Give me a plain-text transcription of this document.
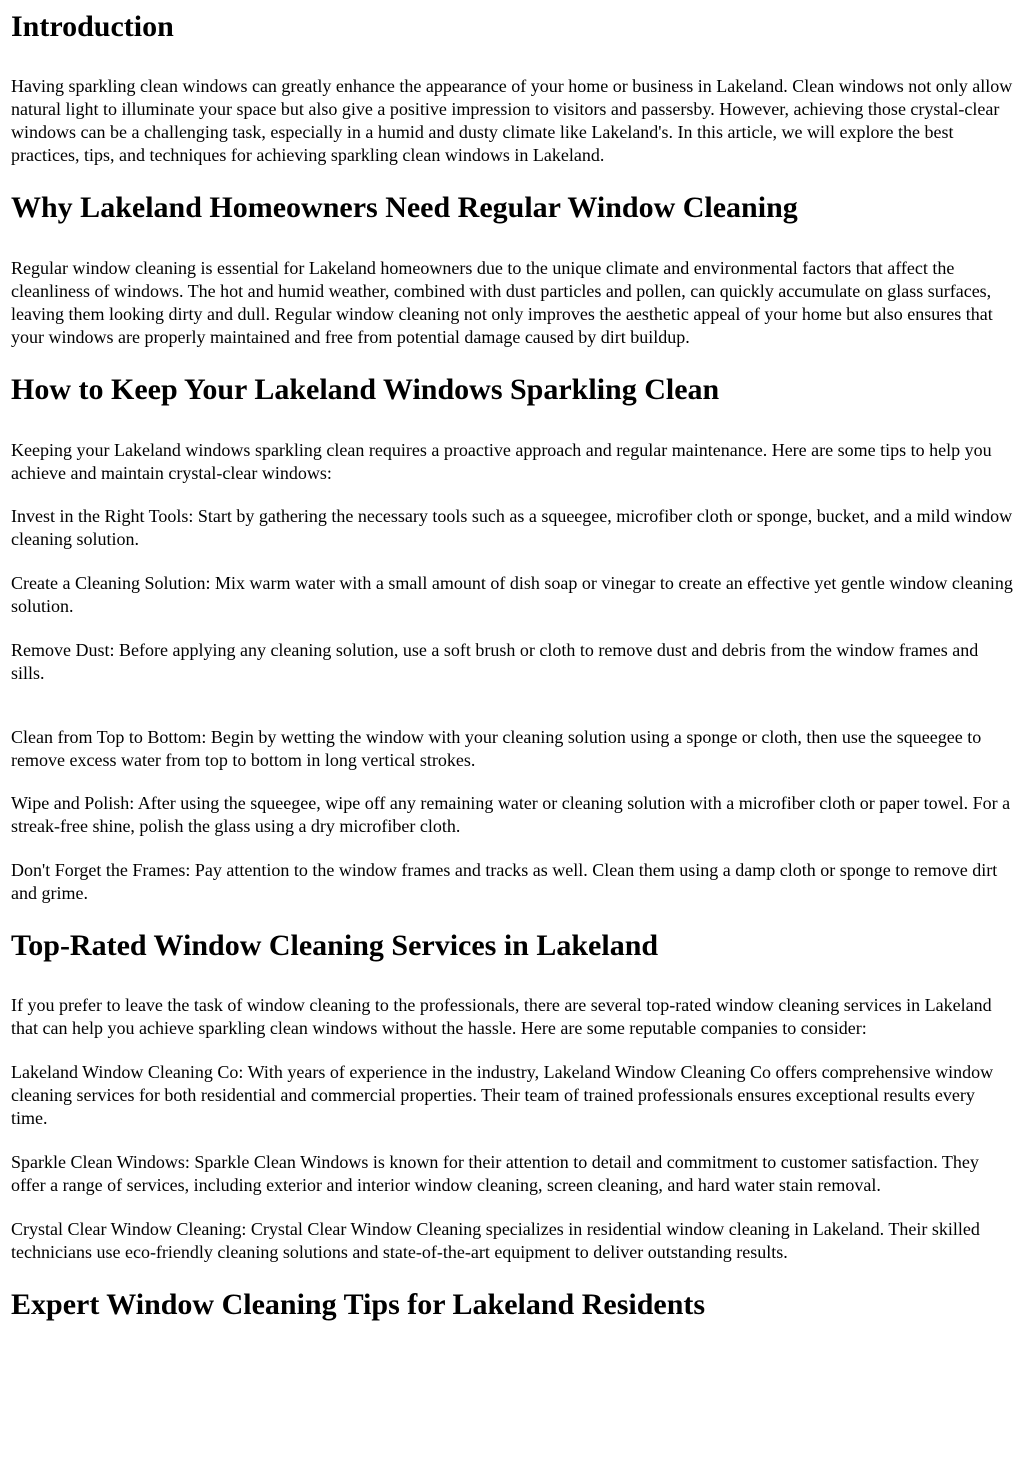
Introduction

Having sparkling clean windows can greatly enhance the appearance of your home or business in Lakeland. Clean windows not only allow natural light to illuminate your space but also give a positive impression to visitors and passersby. However, achieving those crystal-clear windows can be a challenging task, especially in a humid and dusty climate like Lakeland's. In this article, we will explore the best practices, tips, and techniques for achieving sparkling clean windows in Lakeland.

Why Lakeland Homeowners Need Regular Window Cleaning

Regular window cleaning is essential for Lakeland homeowners due to the unique climate and environmental factors that affect the cleanliness of windows. The hot and humid weather, combined with dust particles and pollen, can quickly accumulate on glass surfaces, leaving them looking dirty and dull. Regular window cleaning not only improves the aesthetic appeal of your home but also ensures that your windows are properly maintained and free from potential damage caused by dirt buildup.

How to Keep Your Lakeland Windows Sparkling Clean

Keeping your Lakeland windows sparkling clean requires a proactive approach and regular maintenance. Here are some tips to help you achieve and maintain crystal-clear windows:

Invest in the Right Tools: Start by gathering the necessary tools such as a squeegee, microfiber cloth or sponge, bucket, and a mild window cleaning solution.

Create a Cleaning Solution: Mix warm water with a small amount of dish soap or vinegar to create an effective yet gentle window cleaning solution.

Remove Dust: Before applying any cleaning solution, use a soft brush or cloth to remove dust and debris from the window frames and sills.

Clean from Top to Bottom: Begin by wetting the window with your cleaning solution using a sponge or cloth, then use the squeegee to remove excess water from top to bottom in long vertical strokes.

Wipe and Polish: After using the squeegee, wipe off any remaining water or cleaning solution with a microfiber cloth or paper towel. For a streak-free shine, polish the glass using a dry microfiber cloth.

Don't Forget the Frames: Pay attention to the window frames and tracks as well. Clean them using a damp cloth or sponge to remove dirt and grime.

Top-Rated Window Cleaning Services in Lakeland

If you prefer to leave the task of window cleaning to the professionals, there are several top-rated window cleaning services in Lakeland that can help you achieve sparkling clean windows without the hassle. Here are some reputable companies to consider:

Lakeland Window Cleaning Co: With years of experience in the industry, Lakeland Window Cleaning Co offers comprehensive window cleaning services for both residential and commercial properties. Their team of trained professionals ensures exceptional results every time.

Sparkle Clean Windows: Sparkle Clean Windows is known for their attention to detail and commitment to customer satisfaction. They offer a range of services, including exterior and interior window cleaning, screen cleaning, and hard water stain removal.

Crystal Clear Window Cleaning: Crystal Clear Window Cleaning specializes in residential window cleaning in Lakeland. Their skilled technicians use eco-friendly cleaning solutions and state-of-the-art equipment to deliver outstanding results.

Expert Window Cleaning Tips for Lakeland Residents
